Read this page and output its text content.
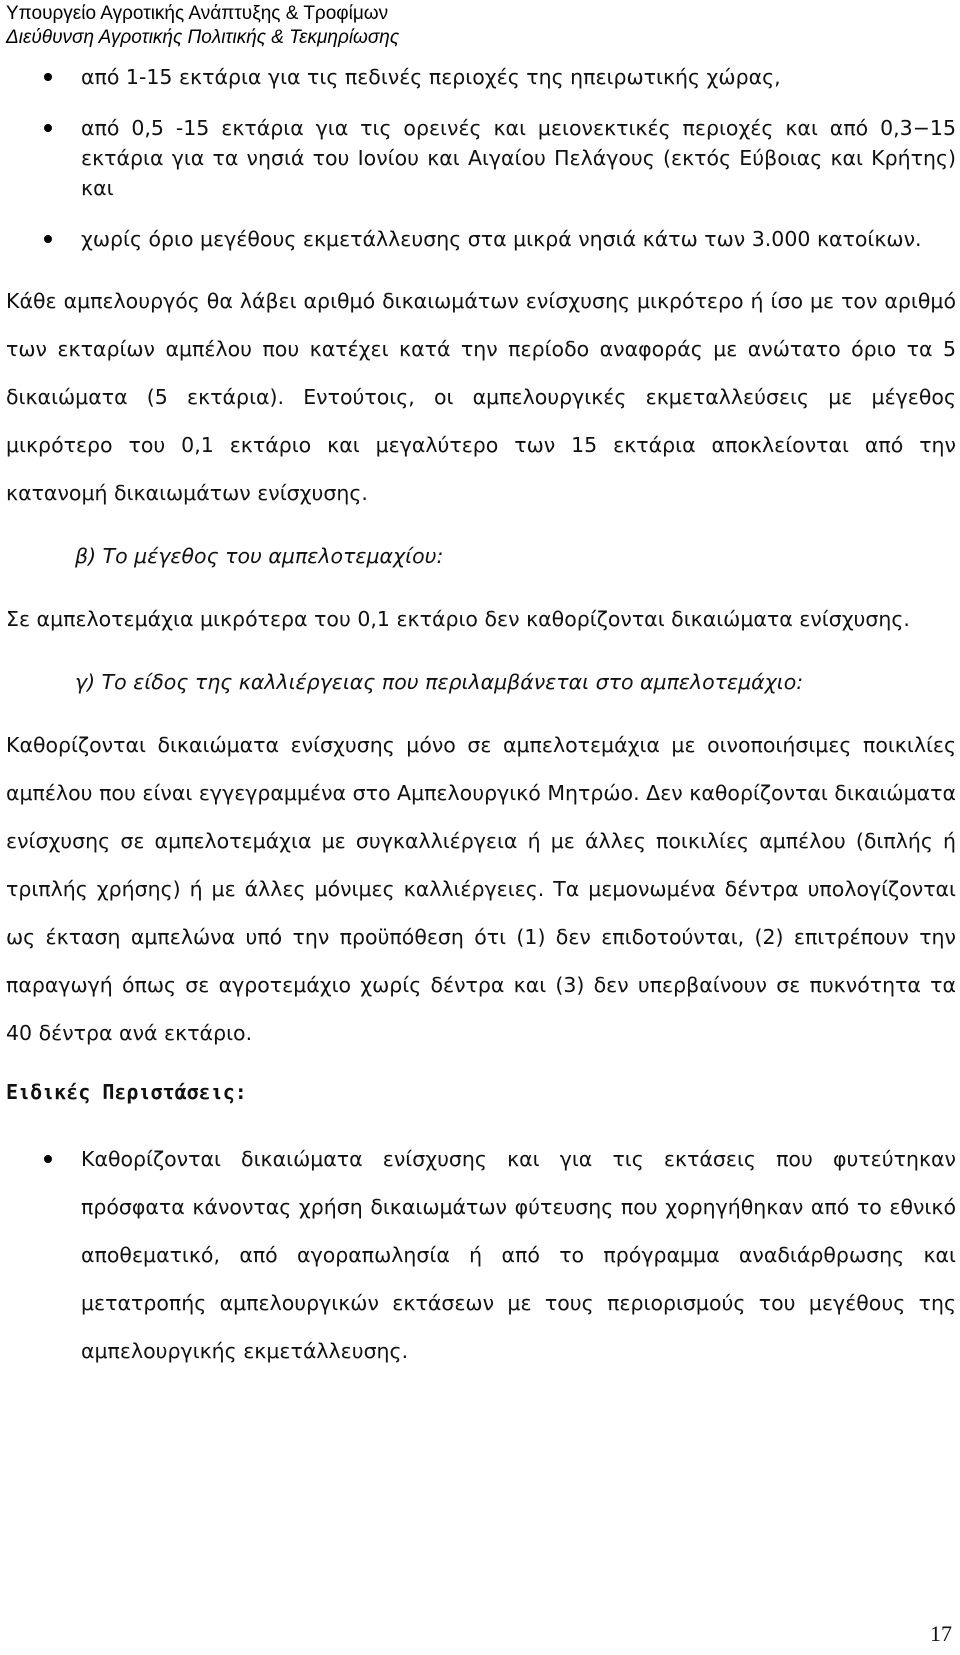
Υπουργείο Αγροτικής Ανάπτυξης & Τροφίμων
Διεύθυνση Αγροτικής Πολιτικής & Τεκμηρίωσης
από 1-15 εκτάρια για τις πεδινές περιοχές της ηπειρωτικής χώρας,
από 0,5 -15 εκτάρια για τις ορεινές και μειονεκτικές περιοχές και από 0,3−15 εκτάρια για τα νησιά του Ιονίου και Αιγαίου Πελάγους (εκτός Εύβοιας και Κρήτης) και
χωρίς όριο μεγέθους εκμετάλλευσης στα μικρά νησιά κάτω των 3.000 κατοίκων.

Κάθε αμπελουργός θα λάβει αριθμό δικαιωμάτων ενίσχυσης μικρότερο ή ίσο με τον αριθμό των εκταρίων αμπέλου που κατέχει κατά την περίοδο αναφοράς με ανώτατο όριο τα 5 δικαιώματα (5 εκτάρια). Εντούτοις, οι αμπελουργικές εκμεταλλεύσεις με μέγεθος μικρότερο του 0,1 εκτάριο και μεγαλύτερο των 15 εκτάρια αποκλείονται από την κατανομή δικαιωμάτων ενίσχυσης.

β) Το μέγεθος του αμπελοτεμαχίου:

Σε αμπελοτεμάχια μικρότερα του 0,1 εκτάριο δεν καθορίζονται δικαιώματα ενίσχυσης.

γ) Το είδος της καλλιέργειας που περιλαμβάνεται στο αμπελοτεμάχιο:

Καθορίζονται δικαιώματα ενίσχυσης μόνο σε αμπελοτεμάχια με οινοποιήσιμες ποικιλίες αμπέλου που είναι εγγεγραμμένα στο Αμπελουργικό Μητρώο. Δεν καθορίζονται δικαιώματα ενίσχυσης σε αμπελοτεμάχια με συγκαλλιέργεια ή με άλλες ποικιλίες αμπέλου (διπλής ή τριπλής χρήσης) ή με άλλες μόνιμες καλλιέργειες. Τα μεμονωμένα δέντρα υπολογίζονται ως έκταση αμπελώνα υπό την προϋπόθεση ότι (1) δεν επιδοτούνται, (2) επιτρέπουν την παραγωγή όπως σε αγροτεμάχιο χωρίς δέντρα και (3) δεν υπερβαίνουν σε πυκνότητα τα 40 δέντρα ανά εκτάριο.

Ειδικές Περιστάσεις:

Καθορίζονται δικαιώματα ενίσχυσης και για τις εκτάσεις που φυτεύτηκαν πρόσφατα κάνοντας χρήση δικαιωμάτων φύτευσης που χορηγήθηκαν από το εθνικό αποθεματικό, από αγοραπωλησία ή από το πρόγραμμα αναδιάρθρωσης και μετατροπής αμπελουργικών εκτάσεων με τους περιορισμούς του μεγέθους της αμπελουργικής εκμετάλλευσης.
17
